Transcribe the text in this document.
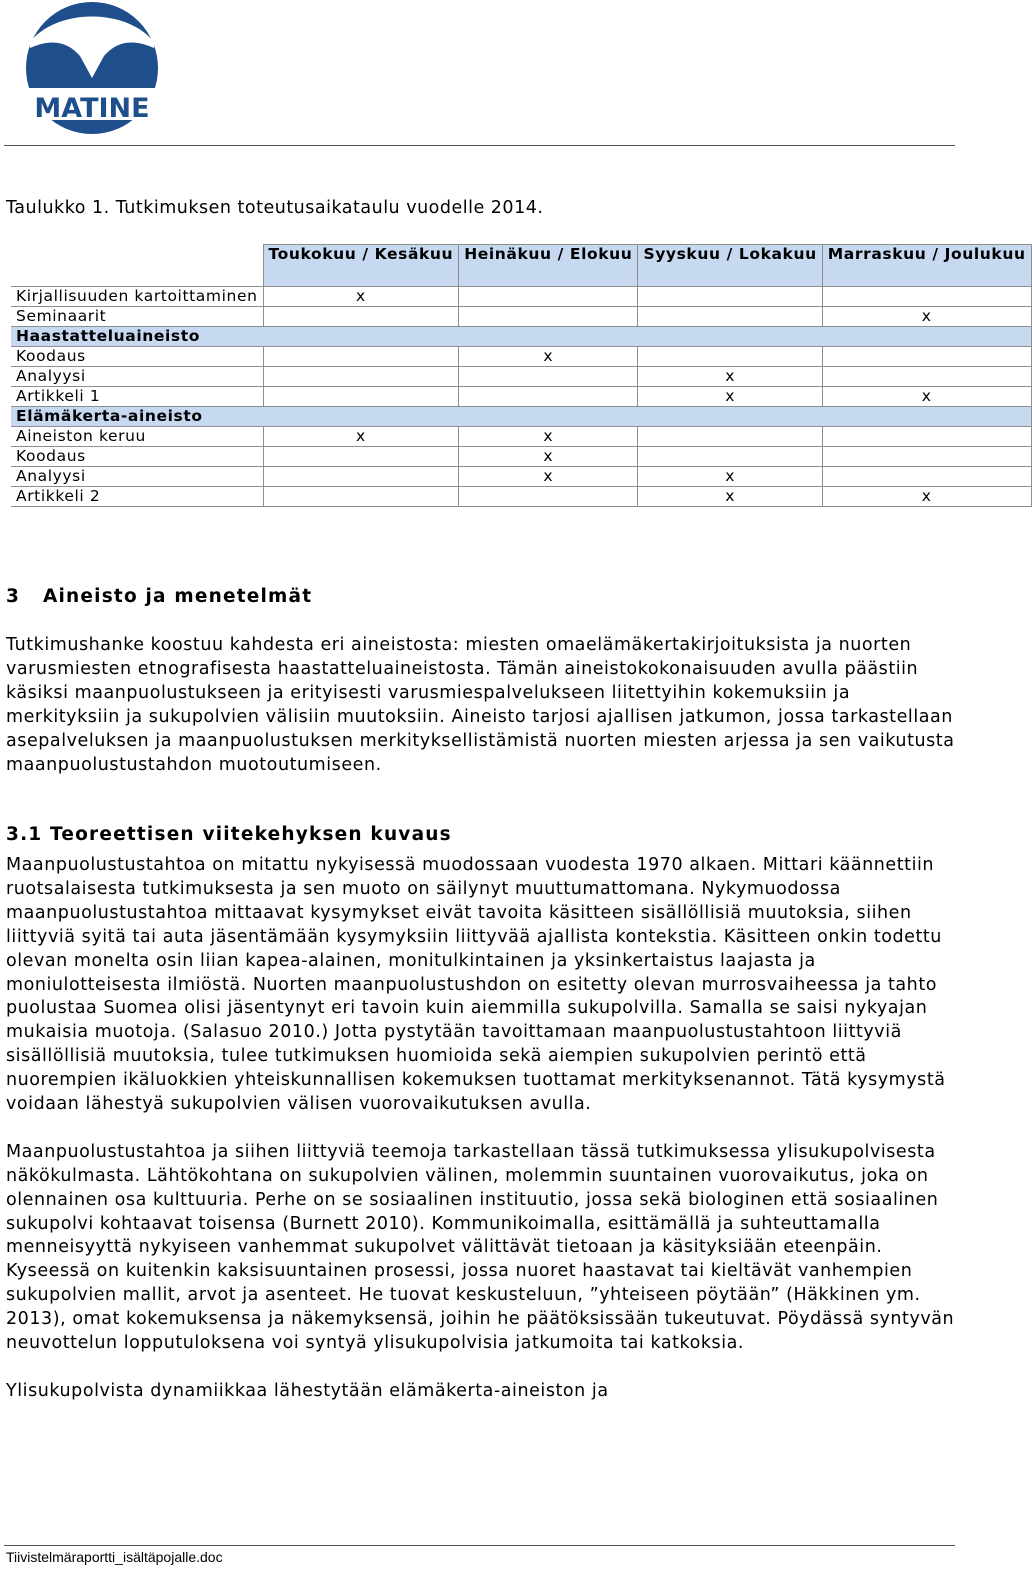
MATINE
Taulukko 1. Tutkimuksen toteutusaikataulu vuodelle 2014.
	Toukokuu / Kesäkuu	Heinäkuu / Elokuu	Syyskuu / Lokakuu	Marraskuu / Joulukuu
Kirjallisuuden kartoittaminen	x			
Seminaarit				x
Haastatteluaineisto				
Koodaus		x		
Analyysi			x	
Artikkeli 1			x	x
Elämäkerta-aineisto				
Aineiston keruu	x	x		
Koodaus		x		
Analyysi		x	x	
Artikkeli 2			x	x
3   Aineisto ja menetelmät

Tutkimushanke koostuu kahdesta eri aineistosta: miesten omaelämäkertakirjoituksista ja nuorten varusmiesten etnografisesta haastatteluaineistosta. Tämän aineistokokonaisuuden avulla päästiin käsiksi maanpuolustukseen ja erityisesti varusmiespalvelukseen liitettyihin kokemuksiin ja merkityksiin ja sukupolvien välisiin muutoksiin. Aineisto tarjosi ajallisen jatkumon, jossa tarkastellaan asepalveluksen ja maanpuolustuksen merkityksellistämistä nuorten miesten arjessa ja sen vaikutusta maanpuolustustahdon muotoutumiseen.

3.1 Teoreettisen viitekehyksen kuvaus

Maanpuolustustahtoa on mitattu nykyisessä muodossaan vuodesta 1970 alkaen. Mittari käännettiin ruotsalaisesta tutkimuksesta ja sen muoto on säilynyt muuttumattomana. Nykymuodossa maanpuolustustahtoa mittaavat kysymykset eivät tavoita käsitteen sisällöllisiä muutoksia, siihen liittyviä syitä tai auta jäsentämään kysymyksiin liittyvää ajallista kontekstia. Käsitteen onkin todettu olevan monelta osin liian kapea-alainen, monitulkintainen ja yksinkertaistus laajasta ja moniulotteisesta ilmiöstä. Nuorten maanpuolustushdon on esitetty olevan murrosvaiheessa ja tahto puolustaa Suomea olisi jäsentynyt eri tavoin kuin aiemmilla sukupolvilla. Samalla se saisi nykyajan mukaisia muotoja. (Salasuo 2010.) Jotta pystytään tavoittamaan maanpuolustustahtoon liittyviä sisällöllisiä muutoksia, tulee tutkimuksen huomioida sekä aiempien sukupolvien perintö että nuorempien ikäluokkien yhteiskunnallisen kokemuksen tuottamat merkityksenannot. Tätä kysymystä voidaan lähestyä sukupolvien välisen vuorovaikutuksen avulla.

Maanpuolustustahtoa ja siihen liittyviä teemoja tarkastellaan tässä tutkimuksessa ylisukupolvisesta näkökulmasta. Lähtökohtana on sukupolvien välinen, molemmin suuntainen vuorovaikutus, joka on olennainen osa kulttuuria. Perhe on se sosiaalinen instituutio, jossa sekä biologinen että sosiaalinen sukupolvi kohtaavat toisensa (Burnett 2010). Kommunikoimalla, esittämällä ja suhteuttamalla menneisyyttä nykyiseen vanhemmat sukupolvet välittävät tietoaan ja käsityksiään eteenpäin. Kyseessä on kuitenkin kaksisuuntainen prosessi, jossa nuoret haastavat tai kieltävät vanhempien sukupolvien mallit, arvot ja asenteet. He tuovat keskusteluun, ”yhteiseen pöytään” (Häkkinen ym. 2013), omat kokemuksensa ja näkemyksensä, joihin he päätöksissään tukeutuvat. Pöydässä syntyvän neuvottelun lopputuloksena voi syntyä ylisukupolvisia jatkumoita tai katkoksia.

Ylisukupolvista dynamiikkaa lähestytään elämäkerta-aineiston ja

Tiivistelmäraportti_isältäpojalle.doc
